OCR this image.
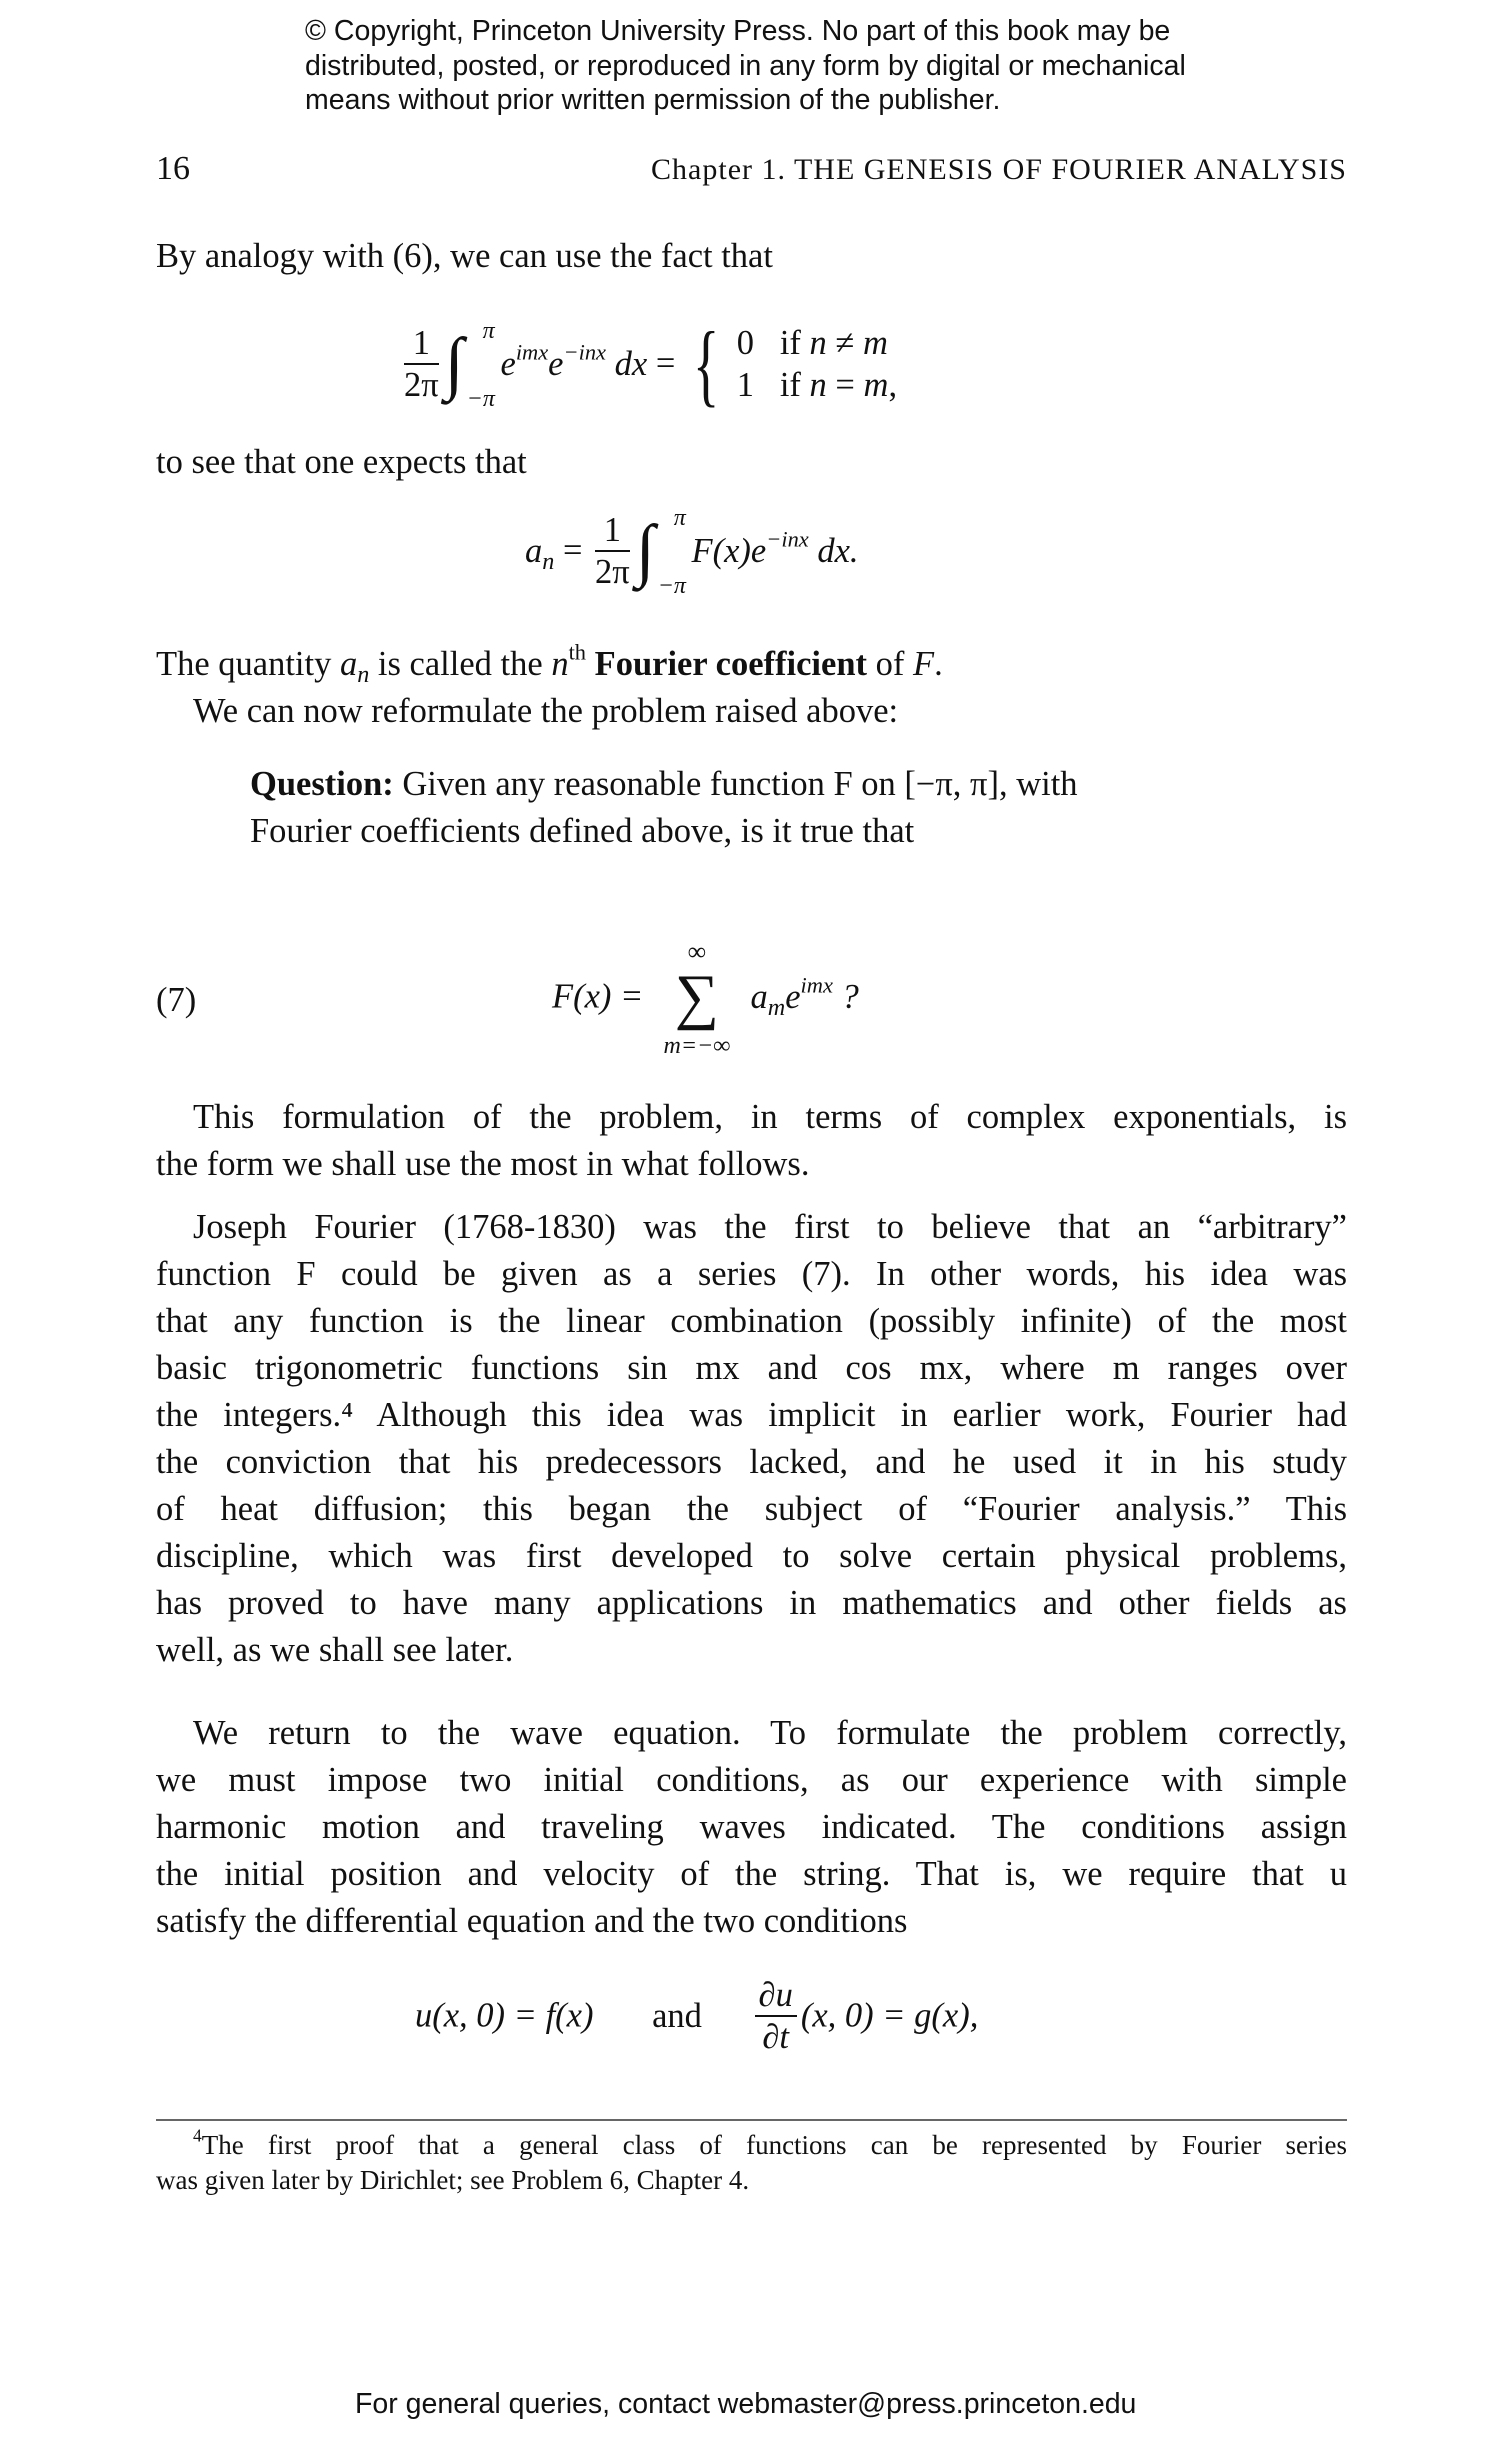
© Copyright, Princeton University Press. No part of this book may be
distributed, posted, or reproduced in any form by digital or mechanical
means without prior written permission of the publisher.
16	Chapter 1. THE GENESIS OF FOURIER ANALYSIS
By analogy with (6), we can use the fact that
$\frac{1}{2\pi}$ ∫ π
−π
$e^{imx}e^{-inx}$ dx = { 0   if n ≠ m
1   if n = m,
to see that one expects that
$a_n = \frac{1}{2\pi}$ ∫ π
−π
$F(x)e^{-inx}$ dx.
The quantity $a_n$ is called the $n^{th}$ Fourier coefficient of F.
We can now reformulate the problem raised above:
Question: Given any reasonable function F on [−π, π], with
Fourier coefficients defined above, is it true that
(7)	F(x) =
∞
∑
m=−∞
$a_me^{imx}$ ?
This formulation of the problem, in terms of complex exponentials, is
the form we shall use the most in what follows.
Joseph Fourier (1768-1830) was the first to believe that an “arbitrary”
function F could be given as a series (7). In other words, his idea was
that any function is the linear combination (possibly infinite) of the most
basic trigonometric functions sin mx and cos mx, where m ranges over
the integers.⁴ Although this idea was implicit in earlier work, Fourier had
the conviction that his predecessors lacked, and he used it in his study
of heat diffusion; this began the subject of “Fourier analysis.” This
discipline, which was first developed to solve certain physical problems,
has proved to have many applications in mathematics and other fields as
well, as we shall see later.
We return to the wave equation. To formulate the problem correctly,
we must impose two initial conditions, as our experience with simple
harmonic motion and traveling waves indicated. The conditions assign
the initial position and velocity of the string. That is, we require that u
satisfy the differential equation and the two conditions
u(x, 0) = f(x) and $\frac{\partial u}{\partial t} (x$, 0) = g(x),
$^4$The first proof that a general class of functions can be represented by Fourier series
was given later by Dirichlet; see Problem 6, Chapter 4.
For general queries, contact webmaster@press.princeton.edu
